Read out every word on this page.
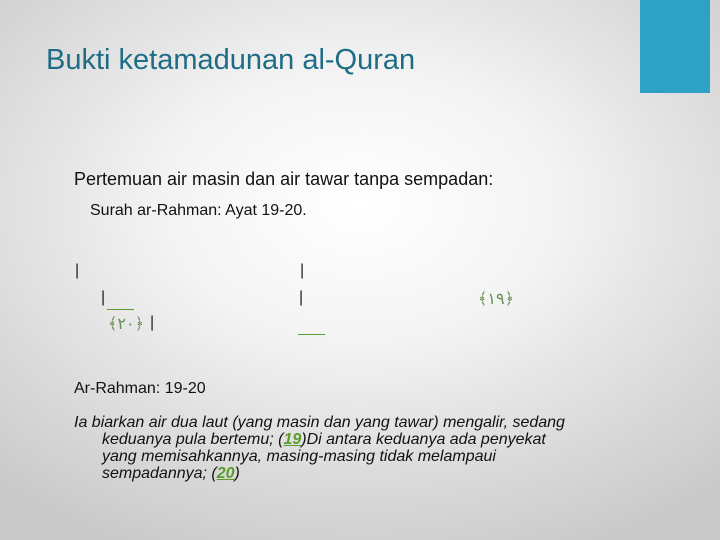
Bukti ketamadunan al-Quran
Pertemuan air masin dan air tawar tanpa sempadan:
Surah ar-Rahman: Ayat 19-20.
|	|
|	|	﴿١٩﴾
﴿٢٠﴾ |
Ar-Rahman: 19-20
Ia biarkan air dua laut (yang masin dan yang tawar) mengalir, sedang
keduanya pula bertemu; (19)Di antara keduanya ada penyekat
yang memisahkannya, masing-masing tidak melampaui
sempadannya; (20)
